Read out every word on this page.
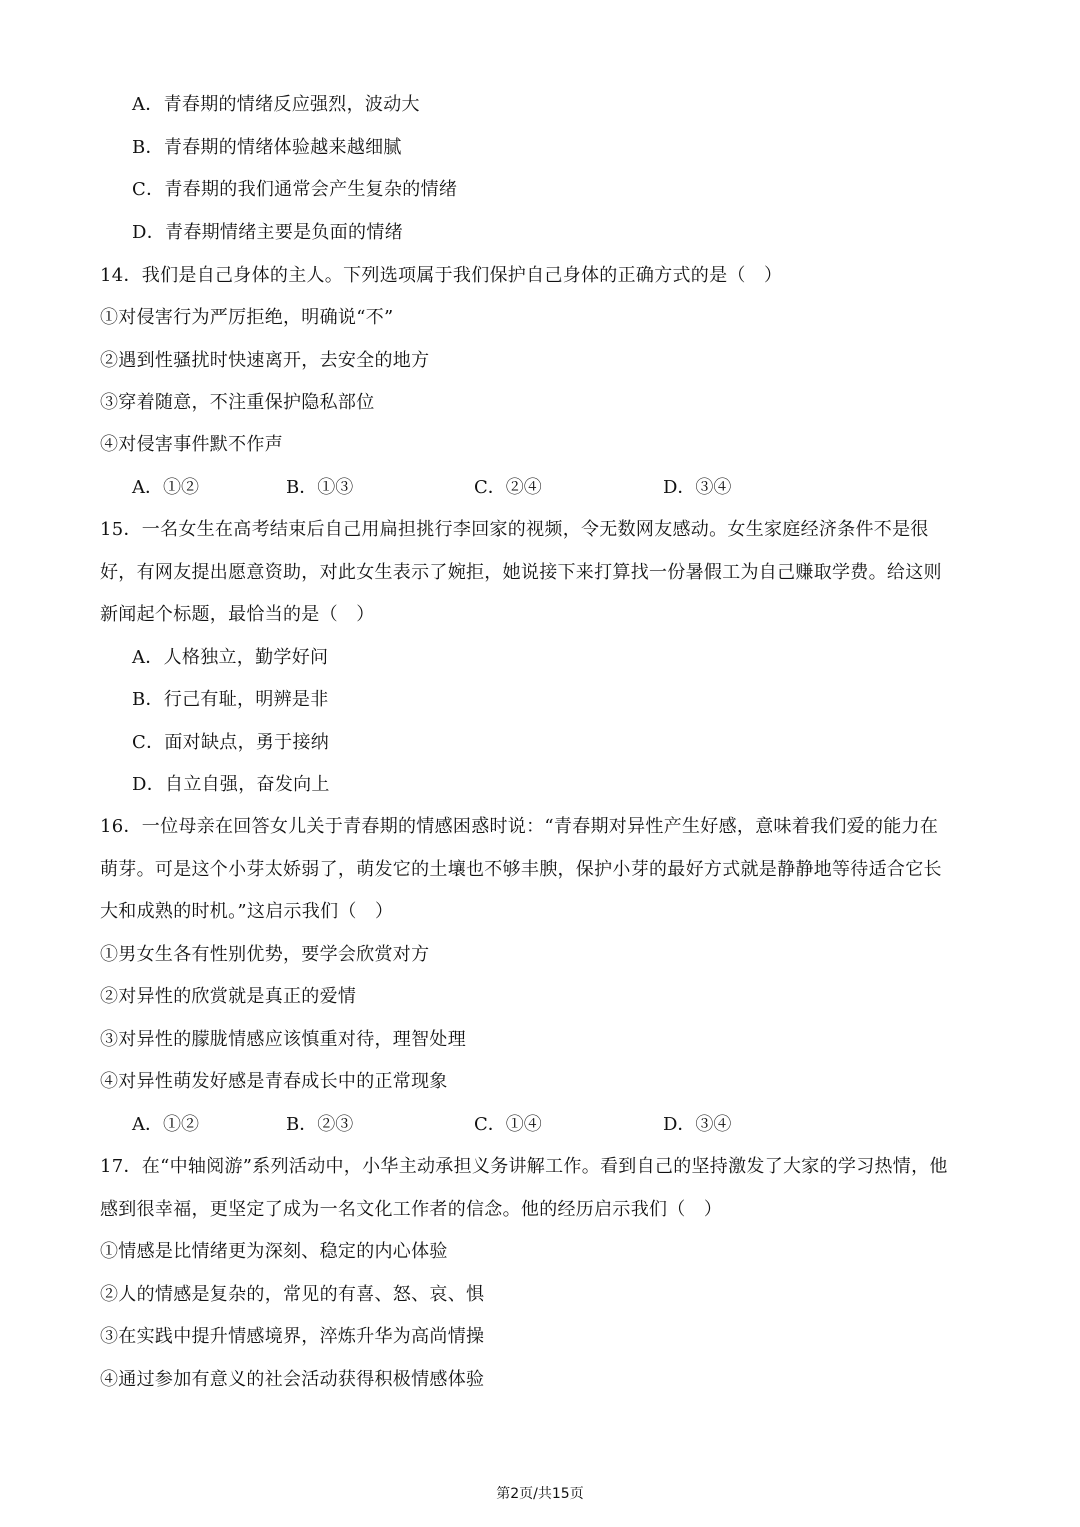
A．青春期的情绪反应强烈，波动大
B．青春期的情绪体验越来越细腻
C．青春期的我们通常会产生复杂的情绪
D．青春期情绪主要是负面的情绪
14．我们是自己身体的主人。下列选项属于我们保护自己身体的正确方式的是（　）
①对侵害行为严厉拒绝，明确说“不”
②遇到性骚扰时快速离开，去安全的地方
③穿着随意，不注重保护隐私部位
④对侵害事件默不作声
A．①②	B．①③	C．②④	D．③④
15．一名女生在高考结束后自己用扁担挑行李回家的视频，令无数网友感动。女生家庭经济条件不是很
好，有网友提出愿意资助，对此女生表示了婉拒，她说接下来打算找一份暑假工为自己赚取学费。给这则
新闻起个标题，最恰当的是（　）
A．人格独立，勤学好问
B．行己有耻，明辨是非
C．面对缺点，勇于接纳
D．自立自强，奋发向上
16．一位母亲在回答女儿关于青春期的情感困惑时说：“青春期对异性产生好感，意味着我们爱的能力在
萌芽。可是这个小芽太娇弱了，萌发它的土壤也不够丰腴，保护小芽的最好方式就是静静地等待适合它长
大和成熟的时机。”这启示我们（　）
①男女生各有性别优势，要学会欣赏对方
②对异性的欣赏就是真正的爱情
③对异性的朦胧情感应该慎重对待，理智处理
④对异性萌发好感是青春成长中的正常现象
A．①②	B．②③	C．①④	D．③④
17．在“中轴阅游”系列活动中，小华主动承担义务讲解工作。看到自己的坚持激发了大家的学习热情，他
感到很幸福，更坚定了成为一名文化工作者的信念。他的经历启示我们（　）
①情感是比情绪更为深刻、稳定的内心体验
②人的情感是复杂的，常见的有喜、怒、哀、惧
③在实践中提升情感境界，淬炼升华为高尚情操
④通过参加有意义的社会活动获得积极情感体验
第2页/共15页
